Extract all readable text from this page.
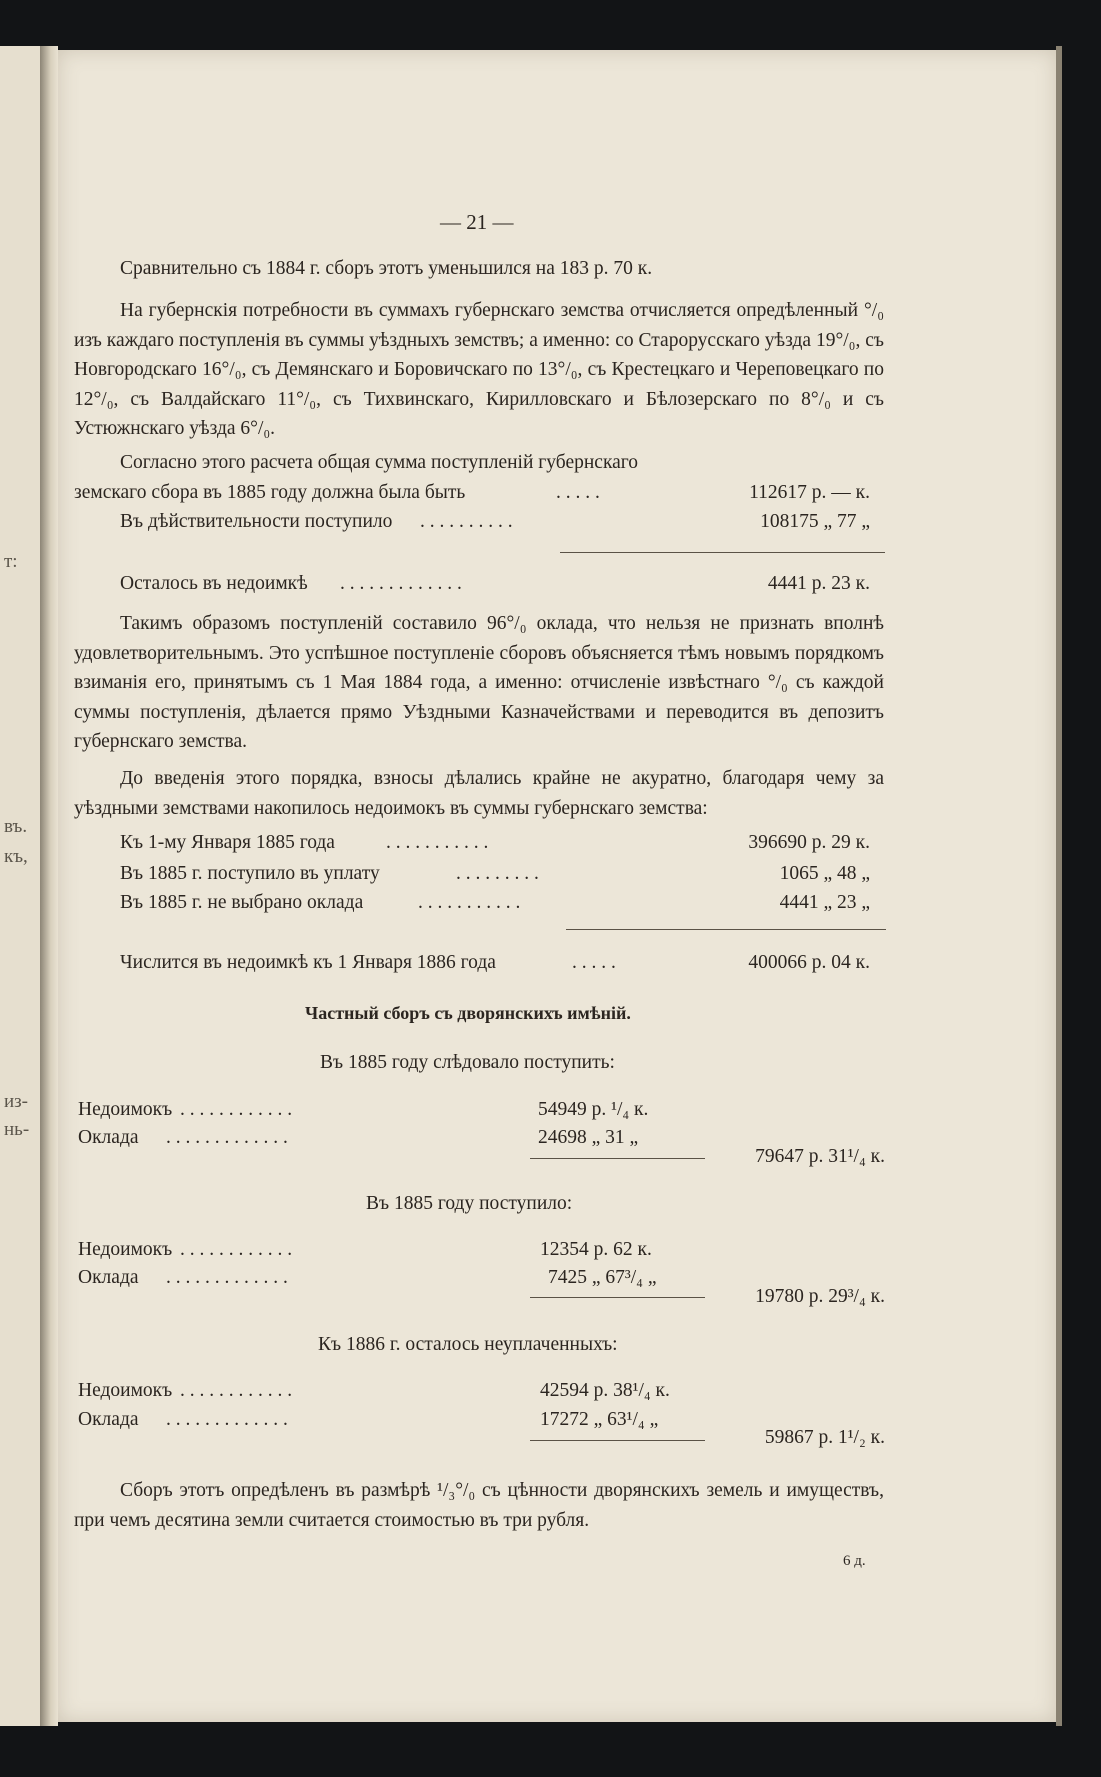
т:
въ.
къ,
из-
нь-
— 21 —
Сравнительно съ 1884 г. сборъ этотъ уменьшился на 183 р. 70 к.
На губернскія потребности въ суммахъ губернскаго земства отчисляется опредѣленный °/₀ изъ каждаго поступленія въ суммы уѣздныхъ земствъ; а именно: со Старорусскаго уѣзда 19°/₀, съ Новгородскаго 16°/₀, съ Демянскаго и Боровичскаго по 13°/₀, съ Крестецкаго и Череповецкаго по 12°/₀, съ Валдайскаго 11°/₀, съ Тихвинскаго, Кирилловскаго и Бѣлозерскаго по 8°/₀ и съ Устюжнскаго уѣзда 6°/₀.
Согласно этого расчета общая сумма поступленій губернскаго
земскаго сбора въ 1885 году должна была быть	. . . . .	112617 р. — к.
Въ дѣйствительности поступило . . . . . . . . . .	108175 „ 77 „
Осталось въ недоимкѣ . . . . . . . . . . . . .	4441 р. 23 к.
Такимъ образомъ поступленій составило 96°/₀ оклада, что нельзя не признать вполнѣ удовлетворительнымъ. Это успѣшное поступленіе сборовъ объясняется тѣмъ новымъ порядкомъ взиманія его, принятымъ съ 1 Мая 1884 года, а именно: отчисленіе извѣстнаго °/₀ съ каждой суммы поступленія, дѣлается прямо Уѣздными Казначействами и переводится въ депозитъ губернскаго земства.
До введенія этого порядка, взносы дѣлались крайне не акуратно, благодаря чему за уѣздными земствами накопилось недоимокъ въ суммы губернскаго земства:
Къ 1-му Января 1885 года	. . . . . . . . . . .	396690 р. 29 к.
Въ 1885 г. поступило въ уплату	. . . . . . . . .	1065 „ 48 „
Въ 1885 г. не выбрано оклада	. . . . . . . . . . .	4441 „ 23 „
Числится въ недоимкѣ къ 1 Января 1886 года	. . . . .	400066 р. 04 к.
Частный сборъ съ дворянскихъ имѣній.
Въ 1885 году слѣдовало поступить:
Недоимокъ . . . . . . . . . . . .	54949 р. ¹/₄ к.
Оклада . . . . . . . . . . . . .	24698 „ 31 „
79647 р. 31¹/₄ к.
Въ 1885 году поступило:
Недоимокъ . . . . . . . . . . . .	12354 р. 62 к.
Оклада . . . . . . . . . . . . .	7425 „ 67³/₄ „
19780 р. 29³/₄ к.
Къ 1886 г. осталось неуплаченныхъ:
Недоимокъ . . . . . . . . . . . .	42594 р. 38¹/₄ к.
Оклада . . . . . . . . . . . . .	17272 „ 63¹/₄ „
59867 р. 1¹/₂ к.
Сборъ этотъ опредѣленъ въ размѣрѣ ¹/₃°/₀ съ цѣнности дворянскихъ земель и имуществъ, при чемъ десятина земли считается стоимостью въ три рубля.
6 д.
